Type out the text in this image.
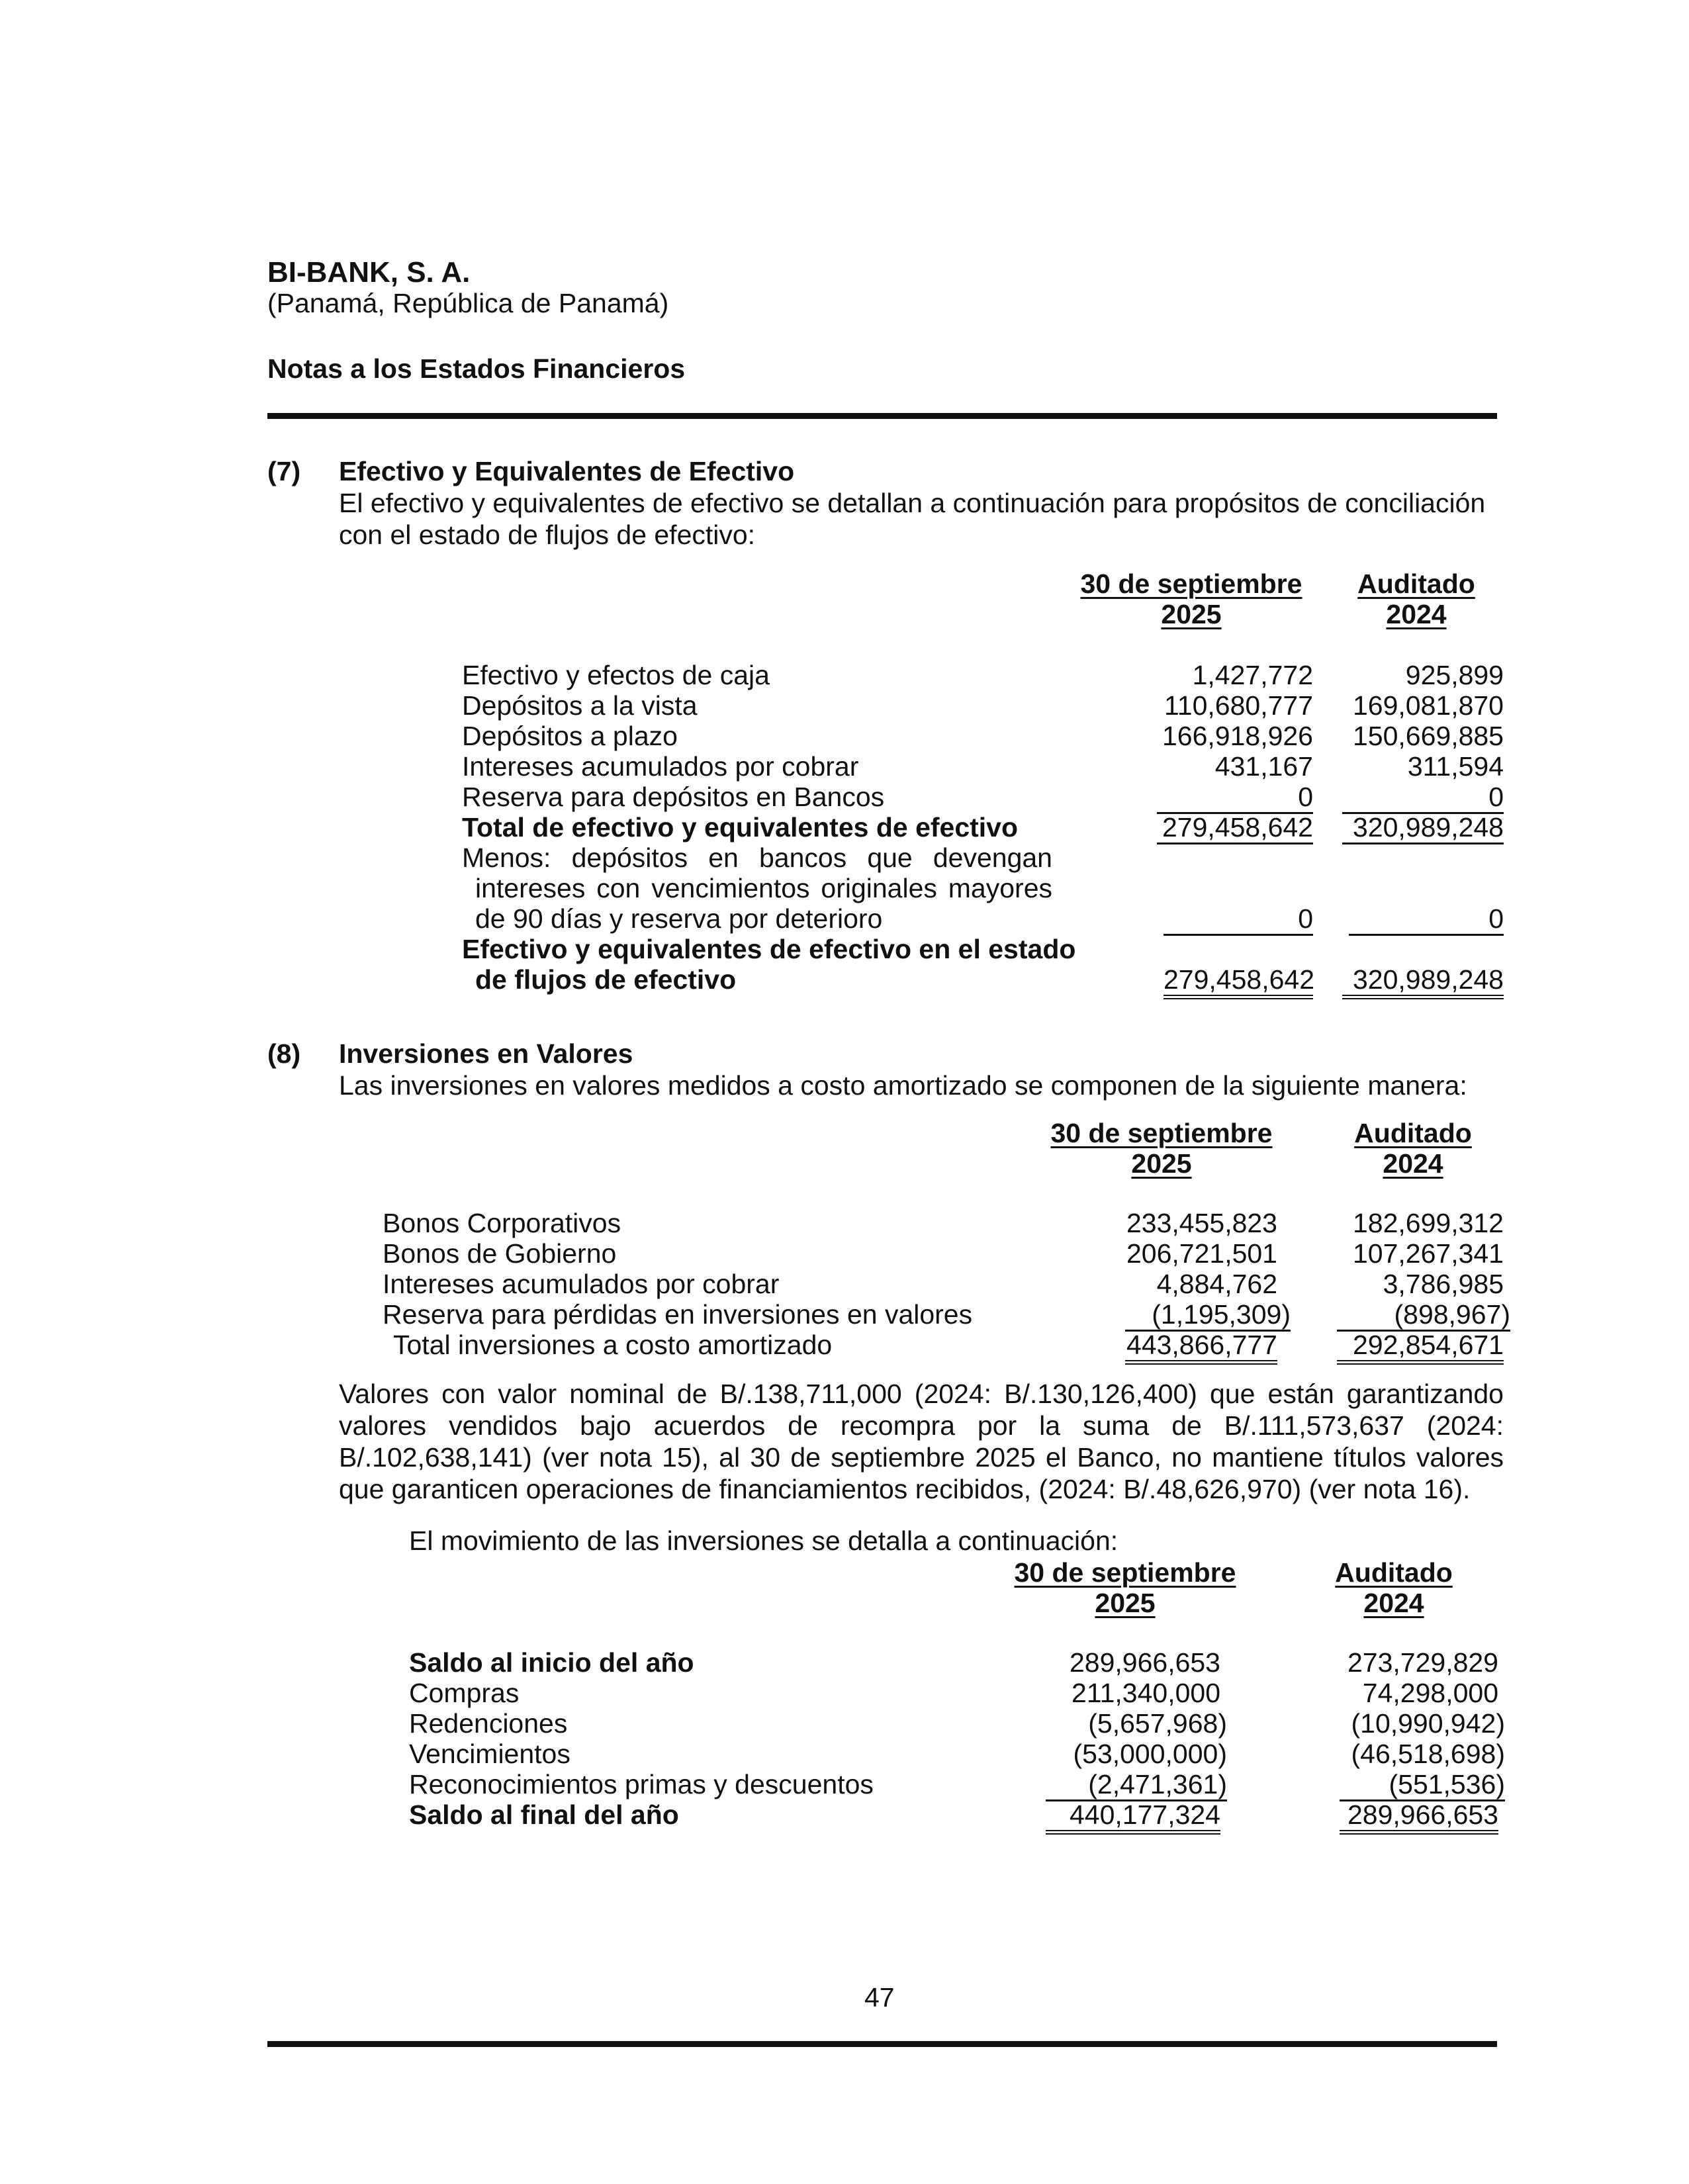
BI-BANK, S. A.
(Panamá, República de Panamá)
Notas a los Estados Financieros
(7) Efectivo y Equivalentes de Efectivo
El efectivo y equivalentes de efectivo se detallan a continuación para propósitos de conciliación
con el estado de flujos de efectivo:
30 de septiembre
2025
Auditado
2024
Efectivo y efectos de caja	1,427,772	925,899
Depósitos a la vista	110,680,777	169,081,870
Depósitos a plazo	166,918,926	150,669,885
Intereses acumulados por cobrar	431,167	311,594
Reserva para depósitos en Bancos	0	0
Total de efectivo y equivalentes de efectivo	279,458,642	320,989,248
Menos: depósitos en bancos que devengan
intereses con vencimientos originales mayores
de 90 días y reserva por deterioro	0	0
Efectivo y equivalentes de efectivo en el estado
de flujos de efectivo	279,458,642	320,989,248
(8) Inversiones en Valores
Las inversiones en valores medidos a costo amortizado se componen de la siguiente manera:
30 de septiembre
2025
Auditado
2024
Bonos Corporativos	233,455,823	182,699,312
Bonos de Gobierno	206,721,501	107,267,341
Intereses acumulados por cobrar	4,884,762	3,786,985
Reserva para pérdidas en inversiones en valores	(1,195,309)	(898,967)
Total inversiones a costo amortizado	443,866,777	292,854,671
Valores con valor nominal de B/.138,711,000 (2024: B/.130,126,400) que están garantizando
valores vendidos bajo acuerdos de recompra por la suma de B/.111,573,637 (2024:
B/.102,638,141) (ver nota 15), al 30 de septiembre 2025 el Banco, no mantiene títulos valores
que garanticen operaciones de financiamientos recibidos, (2024: B/.48,626,970) (ver nota 16).
El movimiento de las inversiones se detalla a continuación:
30 de septiembre
2025
Auditado
2024
Saldo al inicio del año	289,966,653	273,729,829
Compras	211,340,000	74,298,000
Redenciones	(5,657,968)	(10,990,942)
Vencimientos	(53,000,000)	(46,518,698)
Reconocimientos primas y descuentos	(2,471,361)	(551,536)
Saldo al final del año	440,177,324	289,966,653
47
